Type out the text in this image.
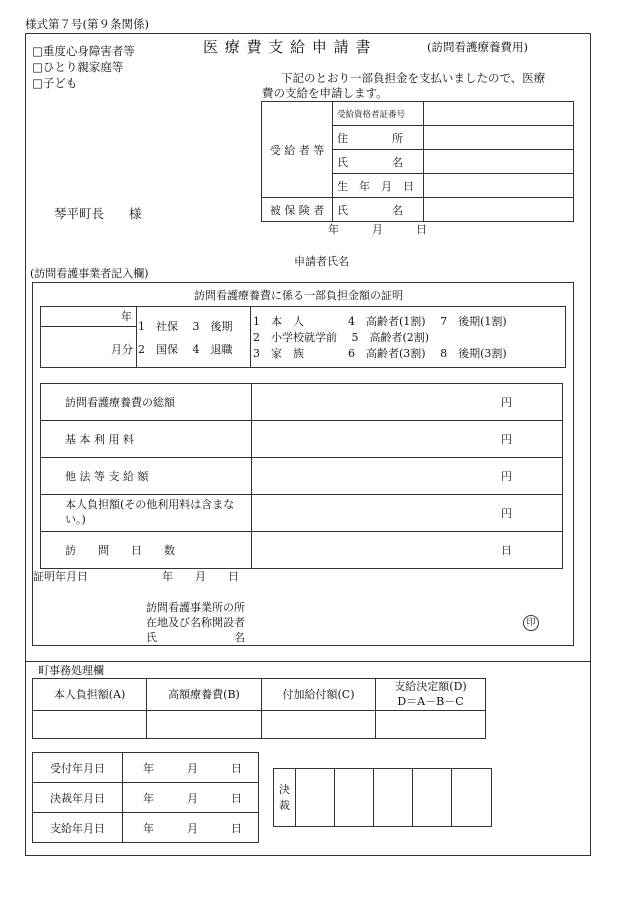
様式第７号(第９条関係)
医 療 費 支 給 申 請 書	(訪問看護療養費用)
□重度心身障害者等
□ひとり親家庭等
□子ども	下記のとおり一部負担金を支払いましたので、医療
費の支給を申請します。
受 給 者 等	受給資格者証番号	
	住　　　　所	
	氏　　　　名	
	生　年　月　日	
被 保 険 者	氏　　　　名	
琴平町長　　様
年　　　月　　　日
申請者氏名
(訪問看護事業者記入欄)
訪問看護療養費に係る一部負担金額の証明
年
月分
1　社保　 3　後期
2　国保　 4　退職
1　本　人　　　　4　高齢者(1割)　 7　後期(1割)
2　小学校就学前　 5　高齢者(2割)
3　家　族　　　　6　高齢者(3割)　 8　後期(3割)
訪問看護療養費の総額	円
基 本 利 用 料	円
他 法 等 支 給 額	円
本人負担額(その他利用料は含まな
い。)	円
訪　　問　　日　　数	日
証明年月日	年　　月　　日
訪問看護事業所の所
在地及び名称開設者
氏　　　　　　　名
印
町事務処理欄
本人負担額(A)	高額療養費(B)	付加給付額(C)	支給決定額(D)
D＝A－B－C

受付年月日	年　　　月　　　日
決裁年月日	年　　　月　　　日
支給年月日	年　　　月　　　日
決
裁					
